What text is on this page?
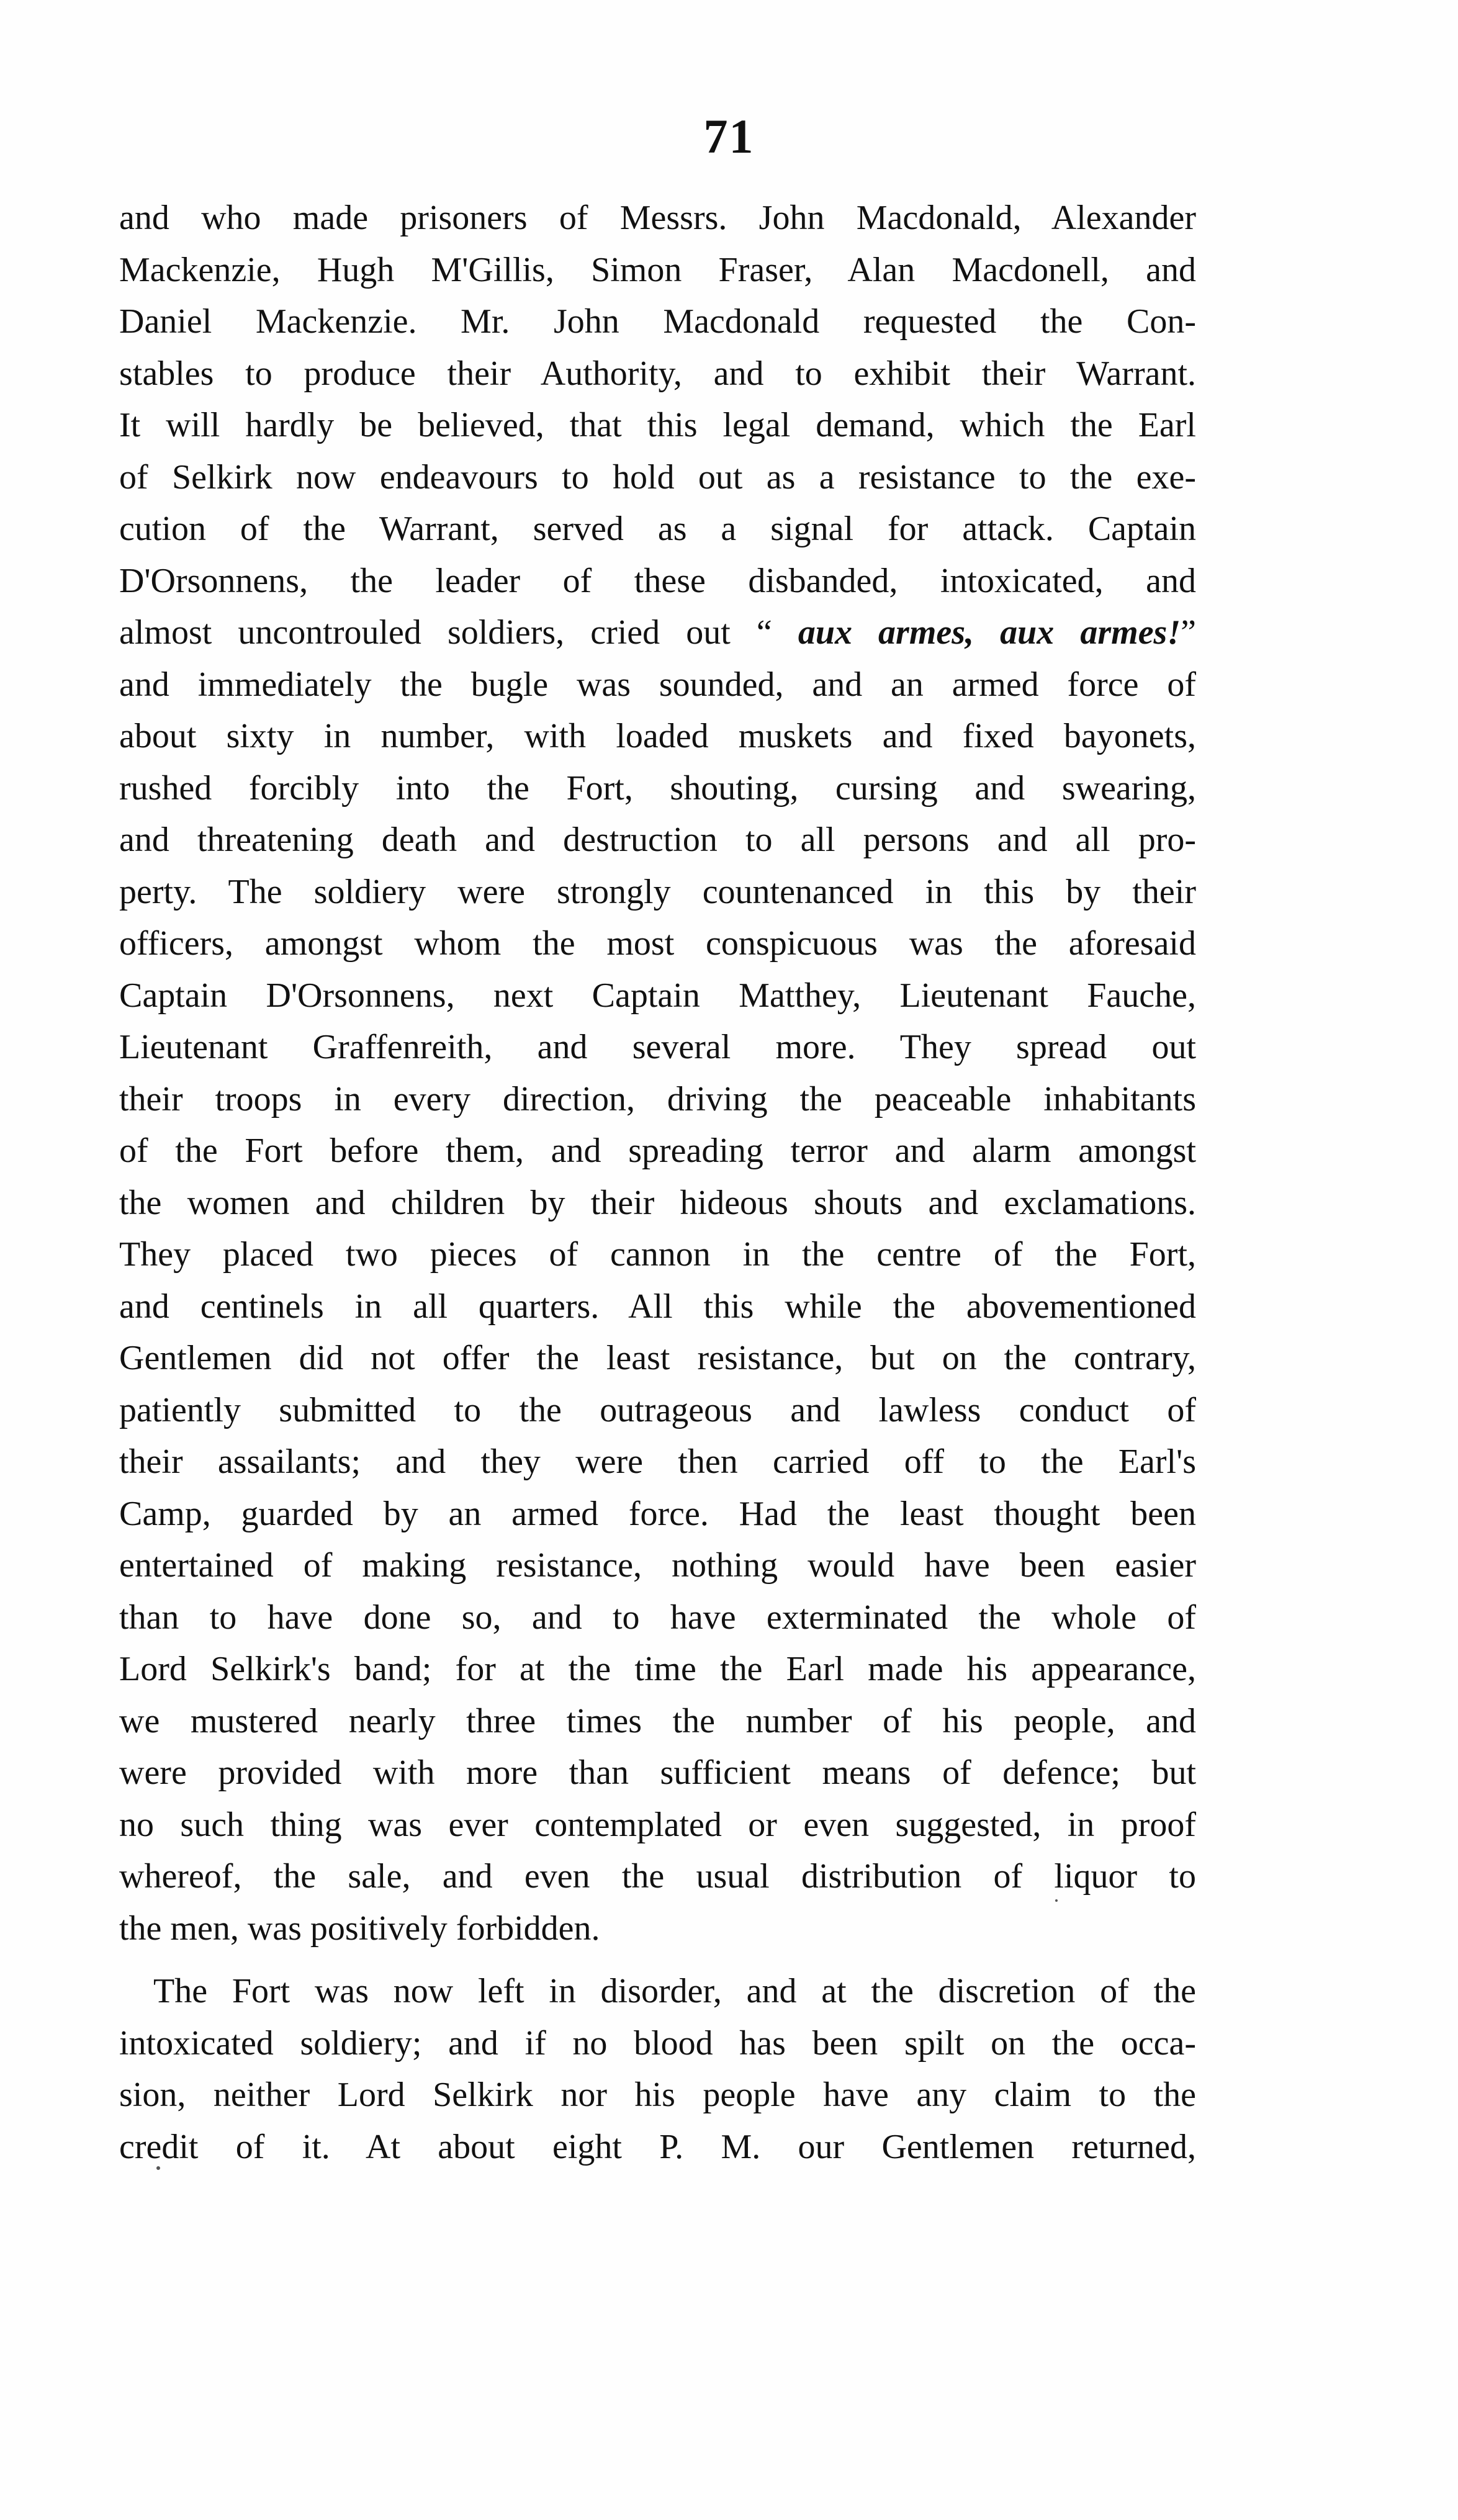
71
and who made prisoners of Messrs. John Macdonald, Alexander
Mackenzie, Hugh M'Gillis, Simon Fraser, Alan Macdonell, and
Daniel Mackenzie. Mr. John Macdonald requested the Con-
stables to produce their Authority, and to exhibit their Warrant.
It will hardly be believed, that this legal demand, which the Earl
of Selkirk now endeavours to hold out as a resistance to the exe-
cution of the Warrant, served as a signal for attack. Captain
D'Orsonnens, the leader of these disbanded, intoxicated, and
almost uncontrouled soldiers, cried out “ aux armes, aux armes!”
and immediately the bugle was sounded, and an armed force of
about sixty in number, with loaded muskets and fixed bayonets,
rushed forcibly into the Fort, shouting, cursing and swearing,
and threatening death and destruction to all persons and all pro-
perty. The soldiery were strongly countenanced in this by their
officers, amongst whom the most conspicuous was the aforesaid
Captain D'Orsonnens, next Captain Matthey, Lieutenant Fauche,
Lieutenant Graffenreith, and several more. They spread out
their troops in every direction, driving the peaceable inhabitants
of the Fort before them, and spreading terror and alarm amongst
the women and children by their hideous shouts and exclamations.
They placed two pieces of cannon in the centre of the Fort,
and centinels in all quarters. All this while the abovementioned
Gentlemen did not offer the least resistance, but on the contrary,
patiently submitted to the outrageous and lawless conduct of
their assailants; and they were then carried off to the Earl's
Camp, guarded by an armed force. Had the least thought been
entertained of making resistance, nothing would have been easier
than to have done so, and to have exterminated the whole of
Lord Selkirk's band; for at the time the Earl made his appearance,
we mustered nearly three times the number of his people, and
were provided with more than sufficient means of defence; but
no such thing was ever contemplated or even suggested, in proof
whereof, the sale, and even the usual distribution of liquor to
the men, was positively forbidden.
The Fort was now left in disorder, and at the discretion of the
intoxicated soldiery; and if no blood has been spilt on the occa-
sion, neither Lord Selkirk nor his people have any claim to the
credit of it. At about eight P. M. our Gentlemen returned,
